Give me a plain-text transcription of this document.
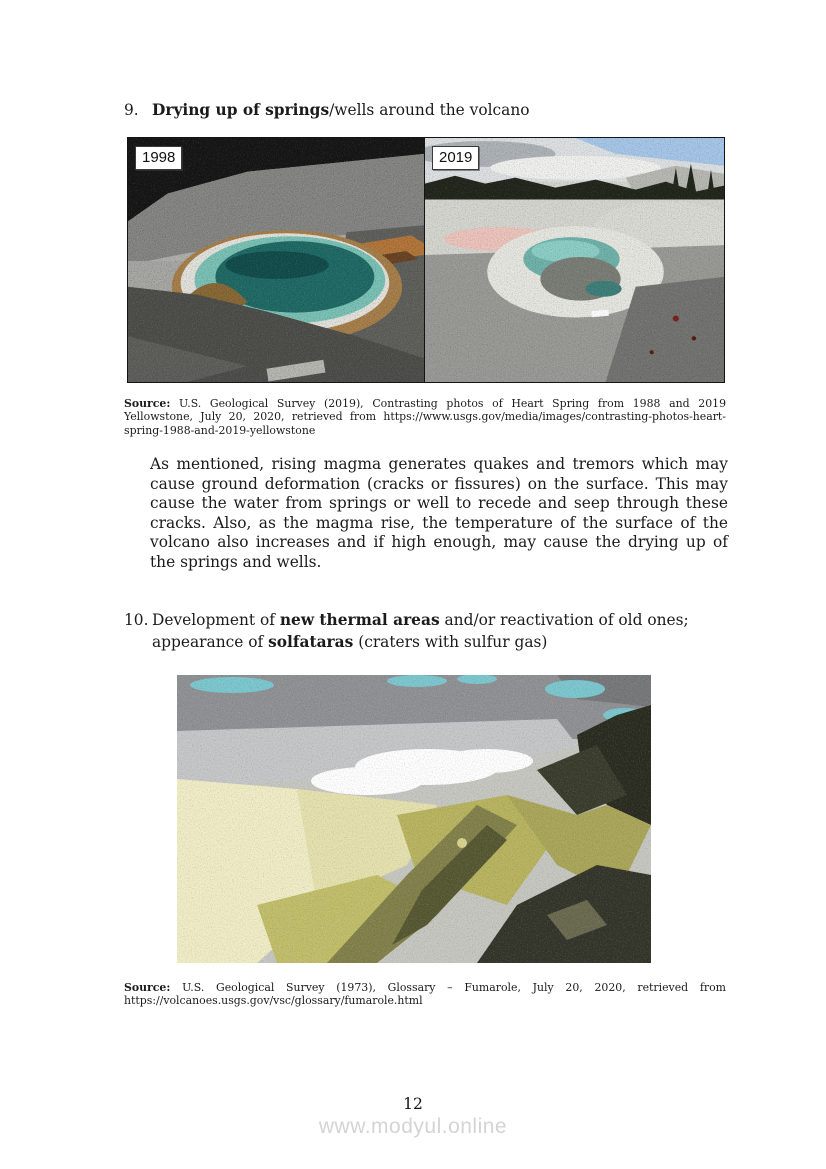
9. Drying up of springs/wells around the volcano
1998	2019

Source: U.S. Geological Survey (2019), Contrasting photos of Heart Spring from 1988 and 2019 Yellowstone, July 20, 2020, retrieved from https://www.usgs.gov/media/images/contrasting-photos-heart-spring-1988-and-2019-yellowstone

As mentioned, rising magma generates quakes and tremors which may cause ground deformation (cracks or fissures) on the surface. This may cause the water from springs or well to recede and seep through these cracks. Also, as the magma rise, the temperature of the surface of the volcano also increases and if high enough, may cause the drying up of the springs and wells.

10. Development of new thermal areas and/or reactivation of old ones; appearance of solfataras (craters with sulfur gas)

Source: U.S. Geological Survey (1973), Glossary – Fumarole, July 20, 2020, retrieved from https://volcanoes.usgs.gov/vsc/glossary/fumarole.html

12
www.modyul.online
